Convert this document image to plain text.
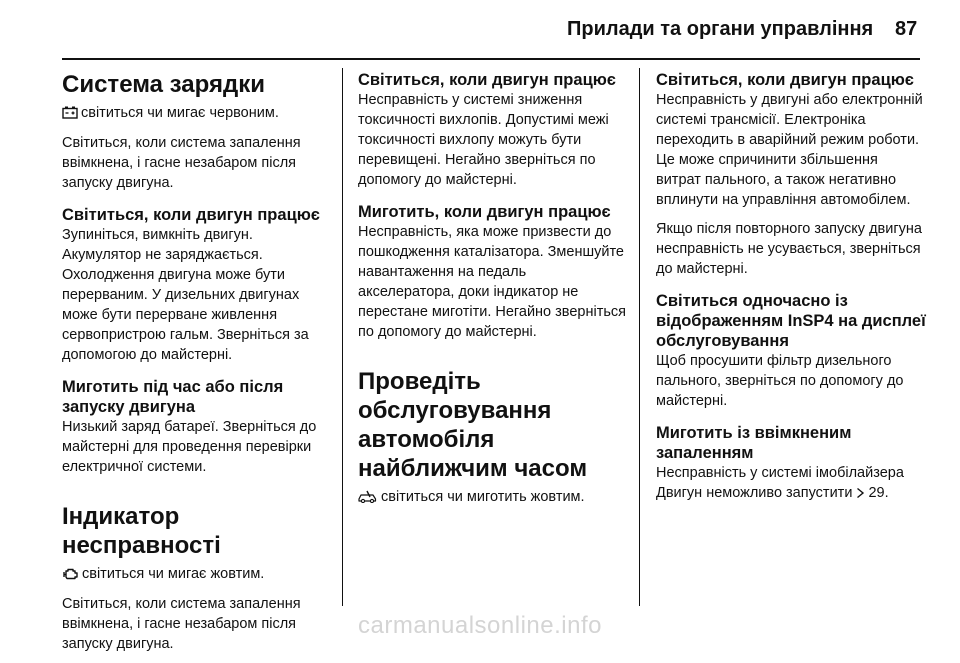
Прилади та органи управління 87
Система зарядки
світиться чи мигає червоним.
Світиться, коли система запалення ввімкнена, і гасне незабаром після запуску двигуна.
Світиться, коли двигун працює
Зупиніться, вимкніть двигун. Акумулятор не заряджається. Охолодження двигуна може бути перерваним. У дизельних двигунах може бути перерване живлення сервопристрою гальм. Зверніться за допомогою до майстерні.
Миготить під час або після запуску двигуна
Низький заряд батареї. Зверніться до майстерні для проведення перевірки електричної системи.
Індикатор несправності
світиться чи мигає жовтим.
Світиться, коли система запалення ввімкнена, і гасне незабаром після запуску двигуна.
Світиться, коли двигун працює
Несправність у системі зниження токсичності вихлопів. Допустимі межі токсичності вихлопу можуть бути перевищені. Негайно зверніться по допомогу до майстерні.
Миготить, коли двигун працює
Несправність, яка може призвести до пошкодження каталізатора. Зменшуйте навантаження на педаль акселератора, доки індикатор не перестане миготіти. Негайно зверніться по допомогу до майстерні.
Проведіть обслуговування автомобіля найближчим часом
світиться чи миготить жовтим.
Світиться, коли двигун працює
Несправність у двигуні або електронній системі трансмісії. Електроніка переходить в аварійний режим роботи. Це може спричинити збільшення витрат пального, а також негативно вплинути на управління автомобілем.
Якщо після повторного запуску двигуна несправність не усувається, зверніться до майстерні.
Світиться одночасно із відображенням InSP4 на дисплеї обслуговування
Щоб просушити фільтр дизельного пального, зверніться по допомогу до майстерні.
Миготить із ввімкненим запаленням
Несправність у системі імобілайзера Двигун неможливо запустити 29.
carmanualsonline.info
